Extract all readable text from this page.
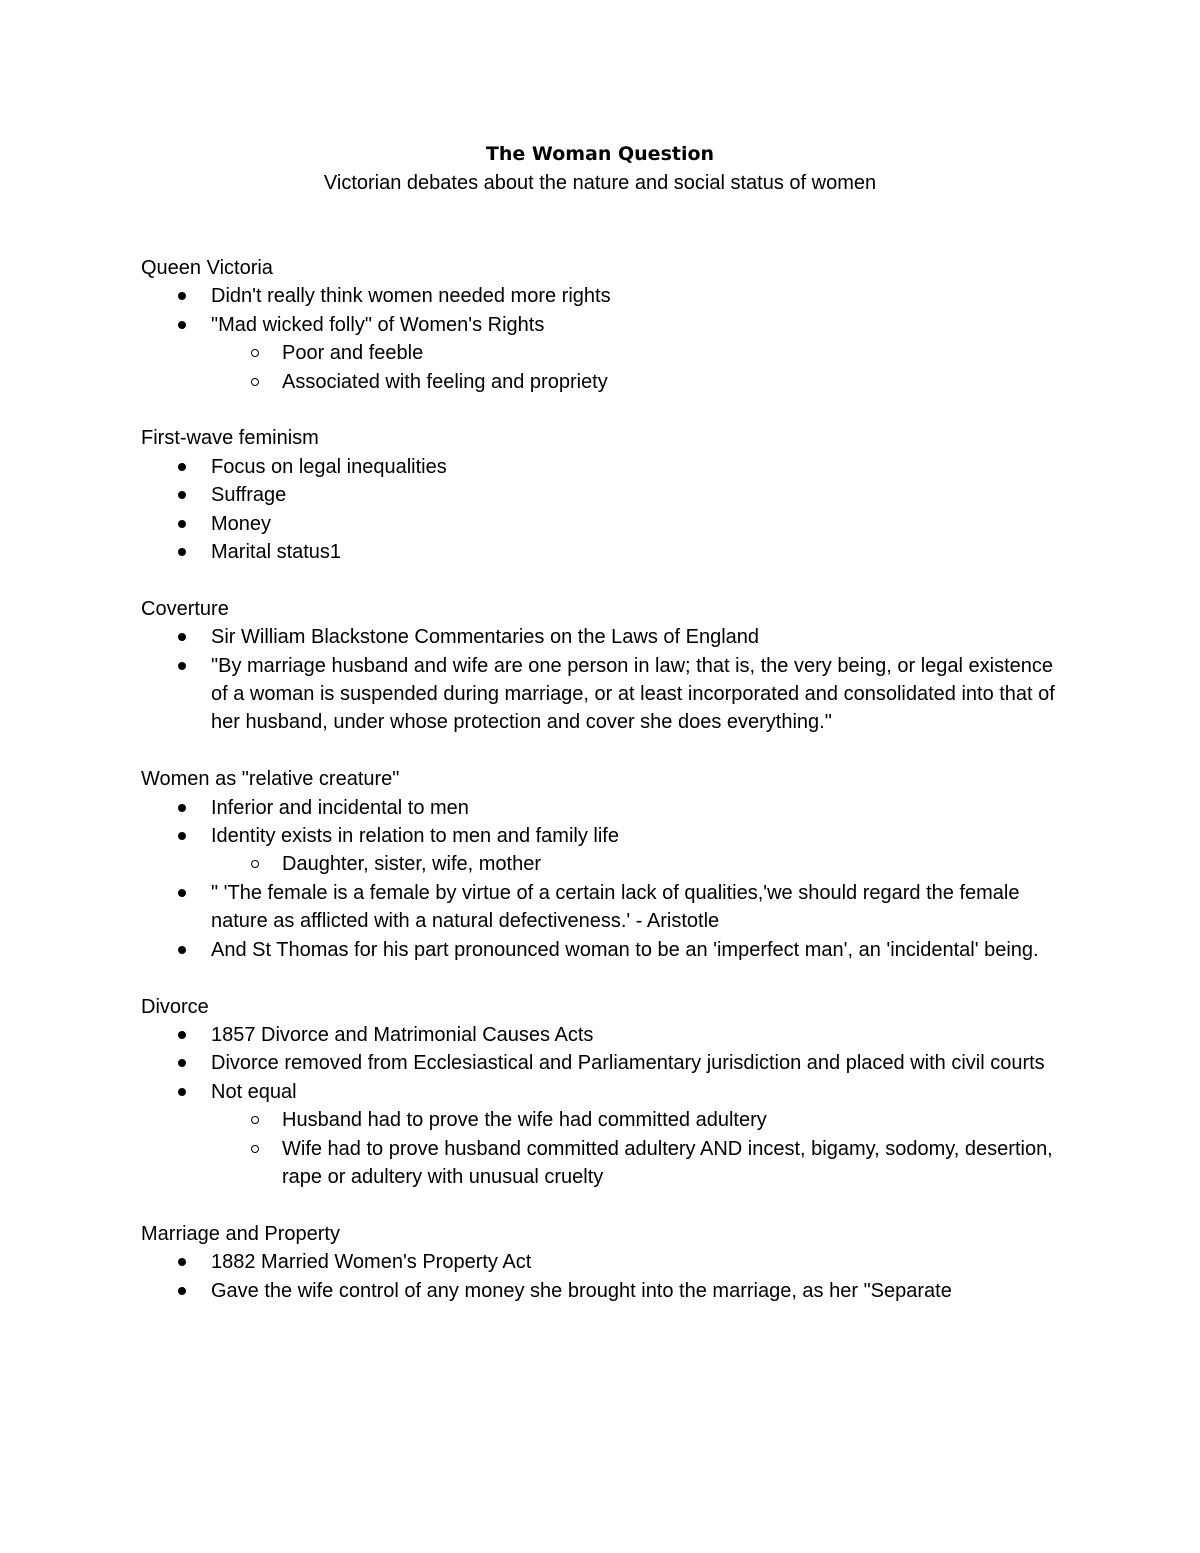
The Woman Question
Victorian debates about the nature and social status of women
Queen Victoria
Didn't really think women needed more rights
"Mad wicked folly" of Women's Rights
Poor and feeble
Associated with feeling and propriety
First-wave feminism
Focus on legal inequalities
Suffrage
Money
Marital status1
Coverture
Sir William Blackstone Commentaries on the Laws of England
"By marriage husband and wife are one person in law; that is, the very being, or legal existence of a woman is suspended during marriage, or at least incorporated and consolidated into that of her husband, under whose protection and cover she does everything."
Women as "relative creature"
Inferior and incidental to men
Identity exists in relation to men and family life
Daughter, sister, wife, mother
" 'The female is a female by virtue of a certain lack of qualities,'we should regard the female nature as afflicted with a natural defectiveness.' - Aristotle
And St Thomas for his part pronounced woman to be an 'imperfect man', an 'incidental' being.
Divorce
1857 Divorce and Matrimonial Causes Acts
Divorce removed from Ecclesiastical and Parliamentary jurisdiction and placed with civil courts
Not equal
Husband had to prove the wife had committed adultery
Wife had to prove husband committed adultery AND incest, bigamy, sodomy, desertion, rape or adultery with unusual cruelty
Marriage and Property
1882 Married Women's Property Act
Gave the wife control of any money she brought into the marriage, as her "Separate
